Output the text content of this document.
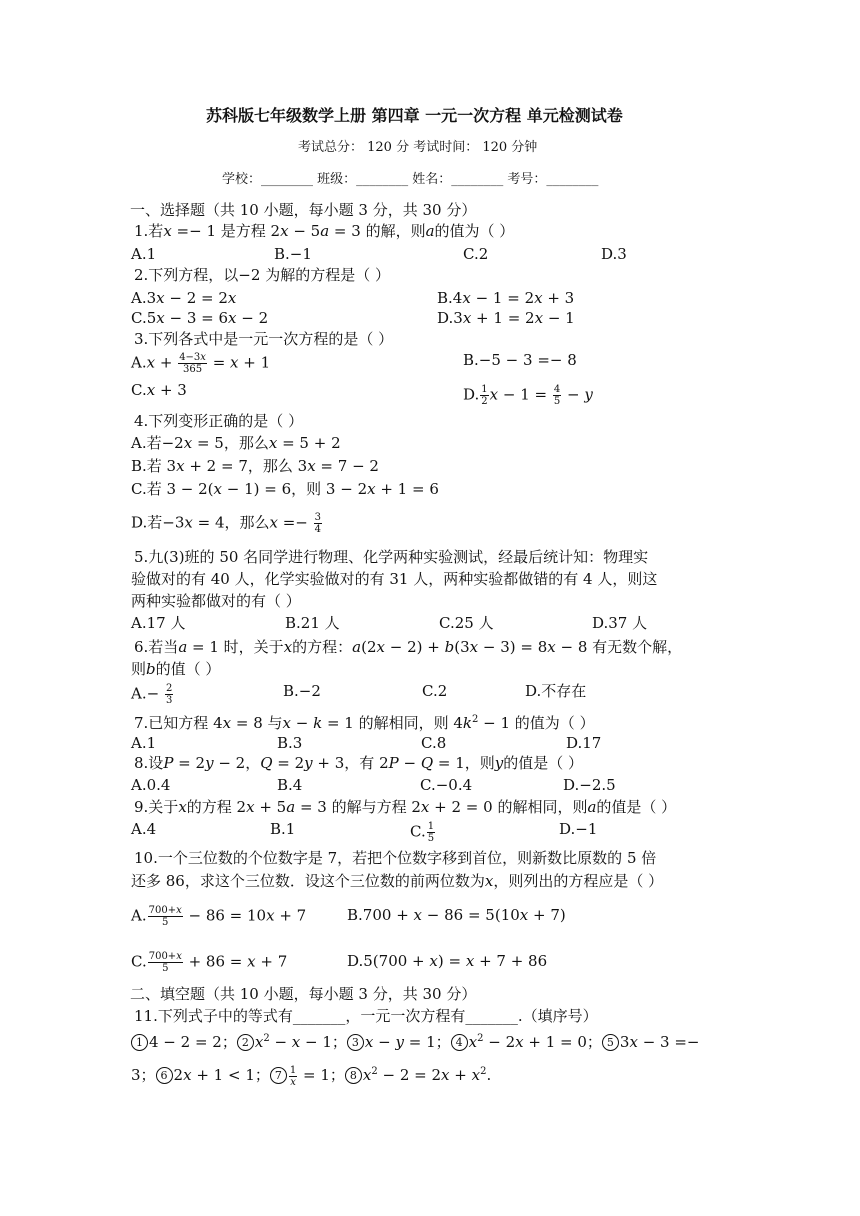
苏科版七年级数学上册 第四章 一元一次方程 单元检测试卷
考试总分： 120 分 考试时间： 120 分钟
学校：________ 班级：________ 姓名：________ 考号：________
一、选择题（共 10 小题，每小题 3 分，共 30 分）
1.若x =− 1 是方程 2x − 5a = 3 的解，则a的值为（ ）
A.1	B.−1	C.2	D.3
2.下列方程，以−2 为解的方程是（ ）
A.3x − 2 = 2x	B.4x − 1 = 2x + 3
C.5x − 3 = 6x − 2	D.3x + 1 = 2x − 1
3.下列各式中是一元一次方程的是（ ）
$A.x + \frac{4-3x}{365} = x + 1$	B.−5 − 3 =− 8
C.x + 3	D. $\frac{1}{2}$ $x - 1 = \frac{4}{5} - y$
4.下列变形正确的是（ ）
A.若−2x = 5，那么x = 5 + 2
B.若 3x + 2 = 7，那么 3x = 7 − 2
C.若 3 − 2(x − 1) = 6，则 3 − 2x + 1 = 6
D.若−3x = 4，那么$x =- \frac{3}{4}$
5.九(3)班的 50 名同学进行物理、化学两种实验测试，经最后统计知：物理实
验做对的有 40 人，化学实验做对的有 31 人，两种实验都做错的有 4 人，则这
两种实验都做对的有（ ）
A.17 人	B.21 人	C.25 人	D.37 人
6.若当a = 1 时，关于x的方程：a(2x − 2) + b(3x − 3) = 8x − 8 有无数个解，
则b的值（ ）
$A.- \frac{2}{3}$	B.−2	C.2	D.不存在
7.已知方程 4x = 8 与x − k = 1 的解相同，则 $4k^2 - 1$ 的值为（ ）
A.1	B.3	C.8	D.17
8.设P = 2y − 2，Q = 2y + 3，有 2P − Q = 1，则y的值是（ ）
A.0.4	B.4	C.−0.4	D.−2.5
9.关于x的方程 2x + 5a = 3 的解与方程 2x + 2 = 0 的解相同，则a的值是（ ）
A.4	B.1	C. $\frac{1}{5}$	D.−1
10.一个三位数的个位数字是 7，若把个位数字移到首位，则新数比原数的 5 倍
还多 86，求这个三位数．设这个三位数的前两位数为x，则列出的方程应是（ ）
A. $\frac{700+x}{5} - 86 = 10x + 7$	B.700 + x − 86 = 5(10x + 7)
C. $\frac{700+x}{5} + 86 = x + 7$	D.5(700 + x) = x + 7 + 86
二、填空题（共 10 小题，每小题 3 分，共 30 分）
11.下列式子中的等式有_______，一元一次方程有_______.（填序号）
1 4 − 2 = 2； 2 $x^2 - x - 1$； 3 x − y = 1； 4 $x^2 - 2x + 1 = 0$； 5 3x − 3 =−
3； 6 2x + 1 < 1； $7 \frac{1}{x} = 1$； 8 $x^2 - 2 = 2x + x^2$.
